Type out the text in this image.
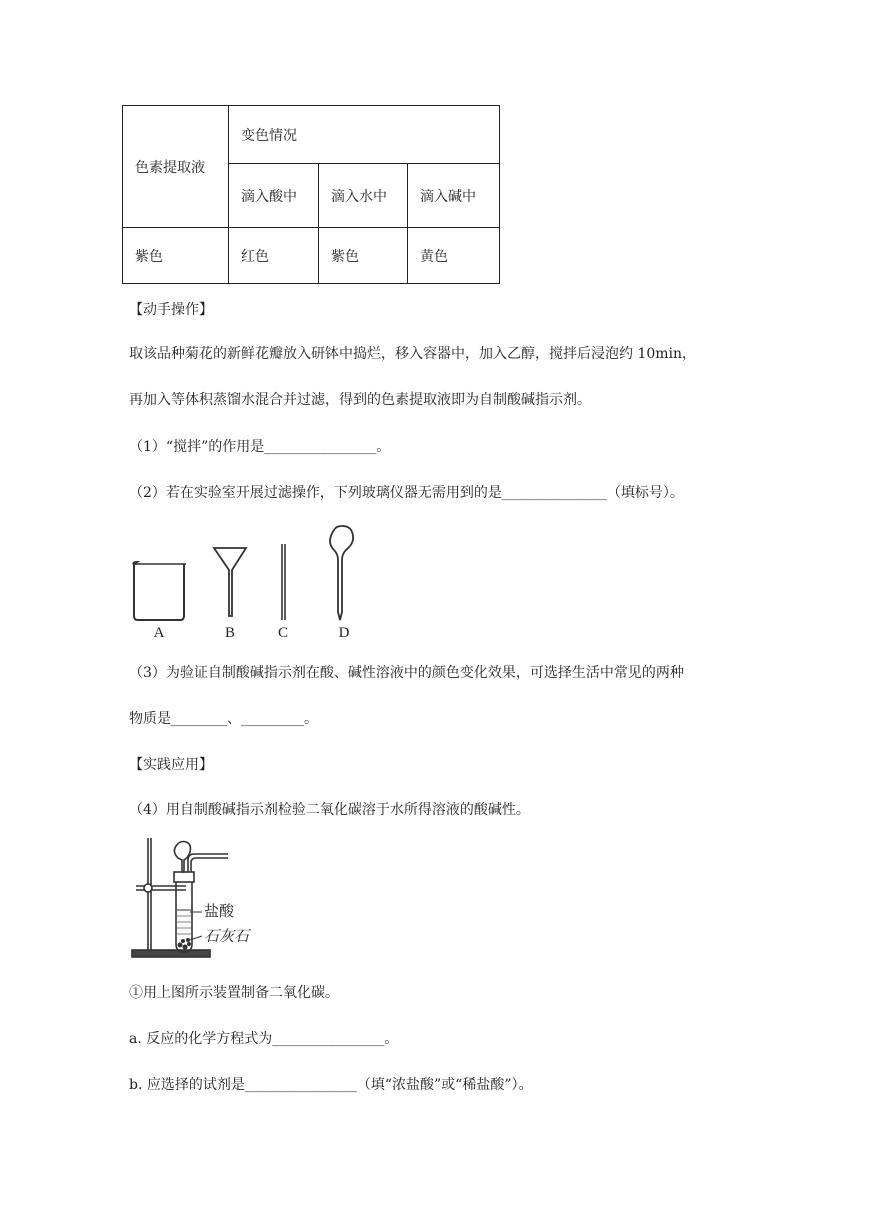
色素提取液	变色情况		
	滴入酸中	滴入水中	滴入碱中
紫色	红色	紫色	黄色
【动手操作】
取该品种菊花的新鲜花瓣放入研钵中捣烂，移入容器中，加入乙醇，搅拌后浸泡约 10min，
再加入等体积蒸馏水混合并过滤，得到的色素提取液即为自制酸碱指示剂。
（1）“搅拌”的作用是________________。
（2）若在实验室开展过滤操作，下列玻璃仪器无需用到的是_______________（填标号）。
A	B	C	D
（3）为验证自制酸碱指示剂在酸、碱性溶液中的颜色变化效果，可选择生活中常见的两种
物质是________、_________。
【实践应用】
（4）用自制酸碱指示剂检验二氧化碳溶于水所得溶液的酸碱性。
盐酸
石灰石
①用上图所示装置制备二氧化碳。
a. 反应的化学方程式为________________。
b. 应选择的试剂是________________（填“浓盐酸”或“稀盐酸”）。
